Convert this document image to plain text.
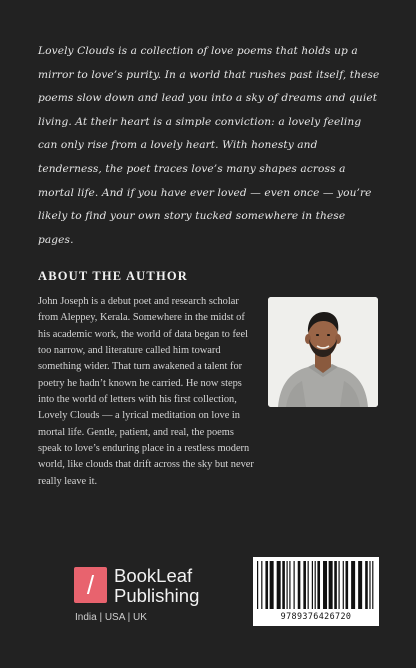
Lovely Clouds is a collection of love poems that holds up a mirror to love’s purity. In a world that rushes past itself, these poems slow down and lead you into a sky of dreams and quiet living. At their heart is a simple conviction: a lovely feeling can only rise from a lovely heart. With honesty and tenderness, the poet traces love’s many shapes across a mortal life. And if you have ever loved — even once — you’re likely to find your own story tucked somewhere in these pages.
ABOUT THE AUTHOR
John Joseph is a debut poet and research scholar from Aleppey, Kerala. Somewhere in the midst of his academic work, the world of data began to feel too narrow, and literature called him toward something wider. That turn awakened a talent for poetry he hadn’t known he carried. He now steps into the world of letters with his first collection, Lovely Clouds — a lyrical meditation on love in mortal life. Gentle, patient, and real, the poems speak to love’s enduring place in a restless modern world, like clouds that drift across the sky but never really leave it.
/	BookLeaf
Publishing
India | USA | UK	9789376426720
